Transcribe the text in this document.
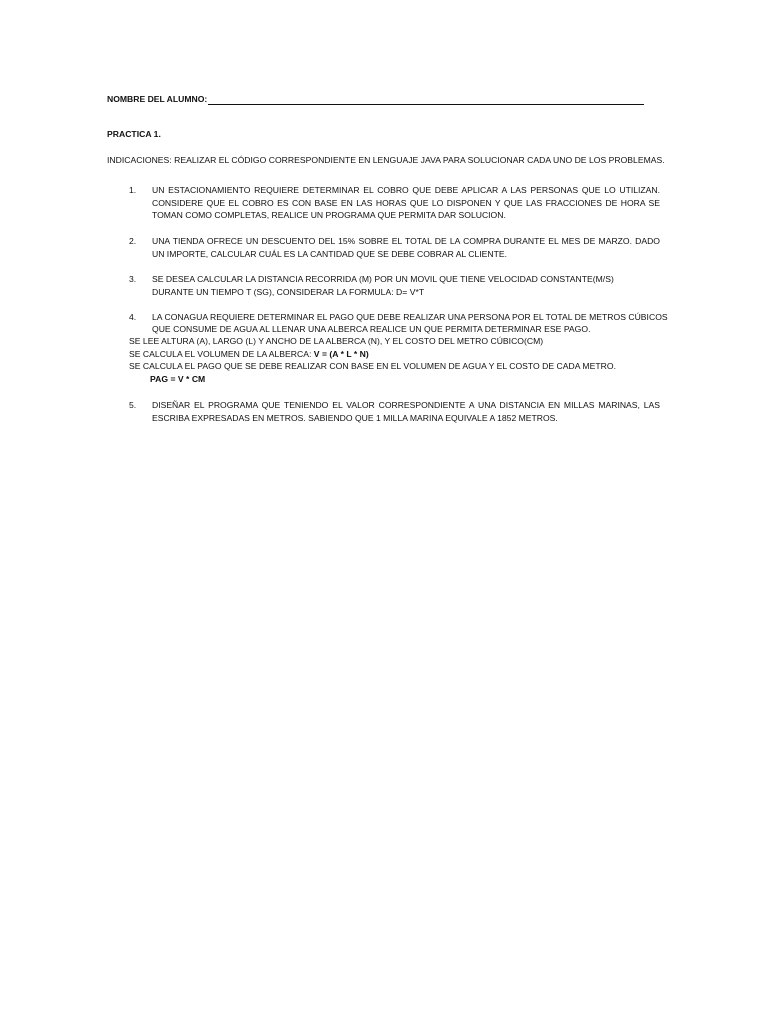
NOMBRE DEL ALUMNO:
PRACTICA 1.
INDICACIONES: REALIZAR EL CÓDIGO CORRESPONDIENTE EN LENGUAJE JAVA PARA SOLUCIONAR CADA UNO DE LOS PROBLEMAS.
1. UN ESTACIONAMIENTO REQUIERE DETERMINAR EL COBRO QUE DEBE APLICAR A LAS PERSONAS QUE LO UTILIZAN. CONSIDERE QUE EL COBRO ES CON BASE EN LAS HORAS QUE LO DISPONEN Y QUE LAS FRACCIONES DE HORA SE TOMAN COMO COMPLETAS, REALICE UN PROGRAMA QUE PERMITA DAR SOLUCION.
2. UNA TIENDA OFRECE UN DESCUENTO DEL 15% SOBRE EL TOTAL DE LA COMPRA DURANTE EL MES DE MARZO. DADO UN IMPORTE, CALCULAR CUÁL ES LA CANTIDAD QUE SE DEBE COBRAR AL CLIENTE.
3. SE DESEA CALCULAR LA DISTANCIA RECORRIDA (M) POR UN MOVIL QUE TIENE VELOCIDAD CONSTANTE(M/S)
DURANTE UN TIEMPO T (SG), CONSIDERAR LA FORMULA: D= V*T
4. LA CONAGUA REQUIERE DETERMINAR EL PAGO QUE DEBE REALIZAR UNA PERSONA POR EL TOTAL DE METROS CÚBICOS
QUE CONSUME DE AGUA AL LLENAR UNA ALBERCA REALICE UN QUE PERMITA DETERMINAR ESE PAGO.
SE LEE ALTURA (A), LARGO (L) Y ANCHO DE LA ALBERCA (N), Y EL COSTO DEL METRO CÚBICO(CM)
SE CALCULA EL VOLUMEN DE LA ALBERCA: V = (A * L * N)
SE CALCULA EL PAGO QUE SE DEBE REALIZAR CON BASE EN EL VOLUMEN DE AGUA Y EL COSTO DE CADA METRO.
PAG = V * CM
5. DISEÑAR EL PROGRAMA QUE TENIENDO EL VALOR CORRESPONDIENTE A UNA DISTANCIA EN MILLAS MARINAS, LAS ESCRIBA EXPRESADAS EN METROS. SABIENDO QUE 1 MILLA MARINA EQUIVALE A 1852 METROS.
